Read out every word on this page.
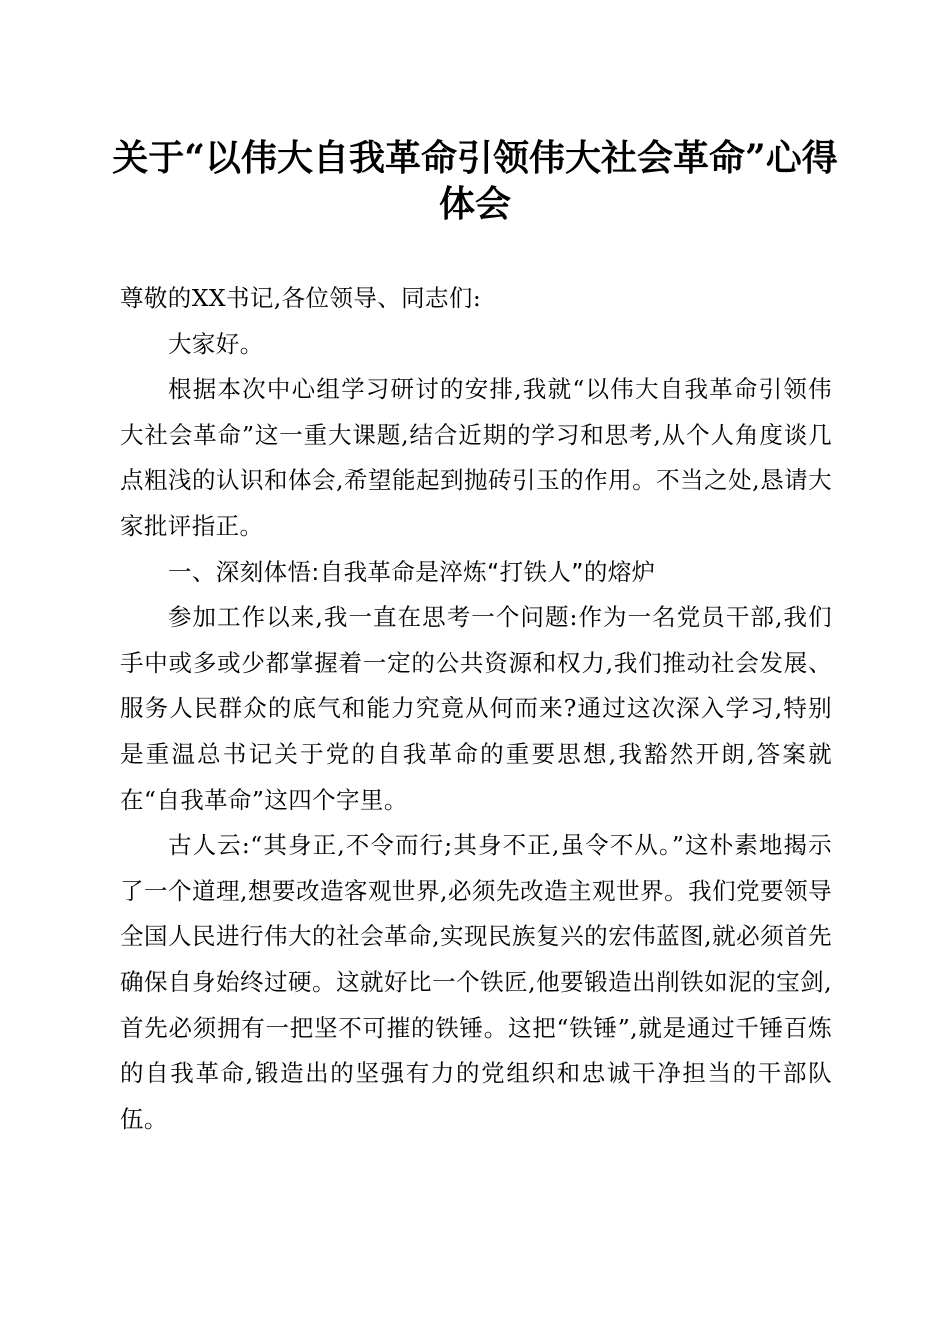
关于“以伟大自我革命引领伟大社会革命”心得体会

尊敬的XX书记,各位领导、同志们:

大家好。

根据本次中心组学习研讨的安排,我就“以伟大自我革命引领伟大社会革命”这一重大课题,结合近期的学习和思考,从个人角度谈几点粗浅的认识和体会,希望能起到抛砖引玉的作用。不当之处,恳请大家批评指正。

一、深刻体悟:自我革命是淬炼“打铁人”的熔炉

参加工作以来,我一直在思考一个问题:作为一名党员干部,我们手中或多或少都掌握着一定的公共资源和权力,我们推动社会发展、服务人民群众的底气和能力究竟从何而来?通过这次深入学习,特别是重温总书记关于党的自我革命的重要思想,我豁然开朗,答案就在“自我革命”这四个字里。

古人云:“其身正,不令而行;其身不正,虽令不从。”这朴素地揭示了一个道理,想要改造客观世界,必须先改造主观世界。我们党要领导全国人民进行伟大的社会革命,实现民族复兴的宏伟蓝图,就必须首先确保自身始终过硬。这就好比一个铁匠,他要锻造出削铁如泥的宝剑,首先必须拥有一把坚不可摧的铁锤。这把“铁锤”,就是通过千锤百炼的自我革命,锻造出的坚强有力的党组织和忠诚干净担当的干部队伍。
